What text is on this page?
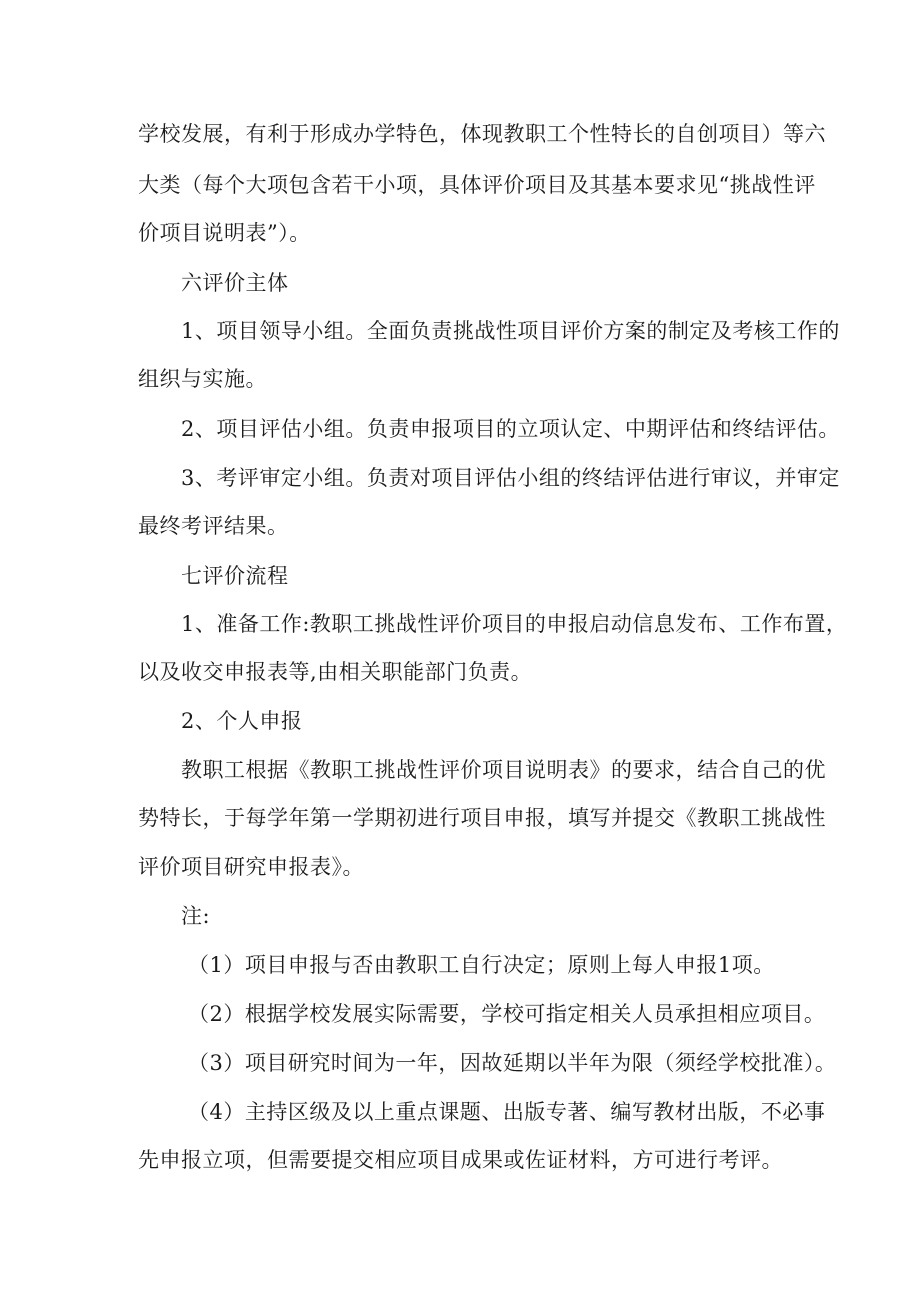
学校发展，有利于形成办学特色，体现教职工个性特长的自创项目）等六
大类（每个大项包含若干小项，具体评价项目及其基本要求见“挑战性评
价项目说明表”）。
六评价主体
1、项目领导小组。全面负责挑战性项目评价方案的制定及考核工作的
组织与实施。
2、项目评估小组。负责申报项目的立项认定、中期评估和终结评估。
3、考评审定小组。负责对项目评估小组的终结评估进行审议，并审定
最终考评结果。
七评价流程
1、准备工作:教职工挑战性评价项目的申报启动信息发布、工作布置，
以及收交申报表等,由相关职能部门负责。
2、个人申报
教职工根据《教职工挑战性评价项目说明表》的要求，结合自己的优
势特长，于每学年第一学期初进行项目申报，填写并提交《教职工挑战性
评价项目研究申报表》。
注:
（1）项目申报与否由教职工自行决定；原则上每人申报1项。
（2）根据学校发展实际需要，学校可指定相关人员承担相应项目。
（3）项目研究时间为一年，因故延期以半年为限（须经学校批准）。
（4）主持区级及以上重点课题、出版专著、编写教材出版，不必事
先申报立项，但需要提交相应项目成果或佐证材料，方可进行考评。
